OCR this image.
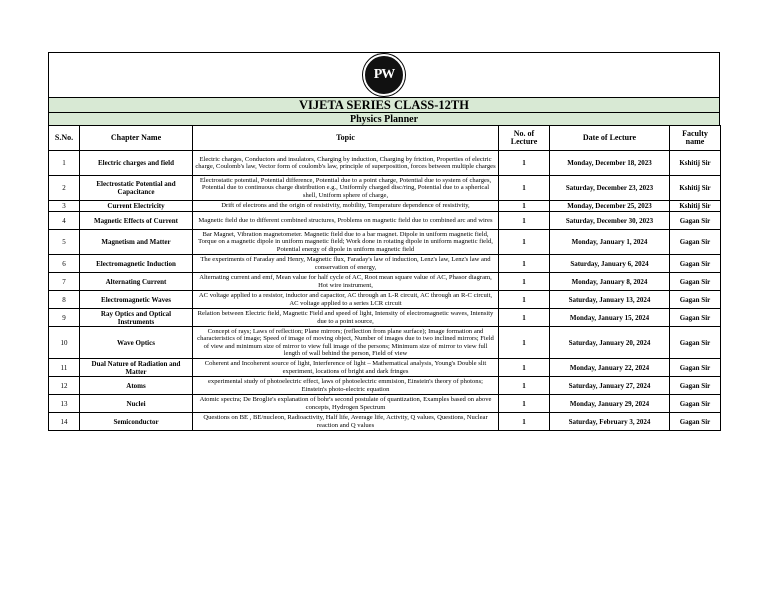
PW
VIJETA SERIES CLASS-12TH
Physics Planner
S.No.	Chapter Name	Topic	No. of Lecture	Date of Lecture	Faculty name
1	Electric charges and field	Electric charges, Conductors and insulators, Charging by induction, Charging by friction, Properties of electric charge, Coulomb's law, Vector form of coulomb's law, principle of superposition, forces between multiple charges	1	Monday, December 18, 2023	Kshitij Sir
2	Electrostatic Potential and Capacitance	Electrostatic potential, Potential difference, Potential due to a point charge, Potential due to system of charges, Potential due to continuous charge distribution e.g., Uniformly charged disc/ring, Potential due to a spherical shell, Uniform sphere of charge,	1	Saturday, December 23, 2023	Kshitij Sir
3	Current Electricity	Drift of electrons and the origin of resistivity, mobility, Temperature dependence of resistivity,	1	Monday, December 25, 2023	Kshitij Sir
4	Magnetic Effects of Current	Magnetic field due to different combined structures, Problems on magnetic field due to combined arc and wires	1	Saturday, December 30, 2023	Gagan Sir
5	Magnetism and Matter	Bar Magnet, Vibration magnetometer. Magnetic field due to a bar magnet. Dipole in uniform magnetic field, Torque on a magnetic dipole in uniform magnetic field; Work done in rotating dipole in uniform magnetic field, Potential energy of dipole in uniform magnetic field	1	Monday, January 1, 2024	Gagan Sir
6	Electromagnetic Induction	The experiments of Faraday and Henry, Magnetic flux, Faraday's law of induction, Lenz's law, Lenz's law and conservation of energy,	1	Saturday, January 6, 2024	Gagan Sir
7	Alternating Current	Alternating current and emf, Mean value for half cycle of AC, Root mean square value of AC, Phasor diagram, Hot wire instrument,	1	Monday, January 8, 2024	Gagan Sir
8	Electromagnetic Waves	AC voltage applied to a resistor, inductor and capacitor, AC through an L-R circuit, AC through an R-C circuit, AC voltage applied to a series LCR circuit	1	Saturday, January 13, 2024	Gagan Sir
9	Ray Optics and Optical Instruments	Relation between Electric field, Magnetic Field and speed of light, Intensity of electromagnetic waves, Intensity due to a point source,	1	Monday, January 15, 2024	Gagan Sir
10	Wave Optics	Concept of rays; Laws of reflection; Plane mirrors; (reflection from plane surface); Image formation and characteristics of image; Speed of image of moving object, Number of images due to two inclined mirrors; Field of view and minimum size of mirror to view full image of the persons; Minimum size of mirror to view full length of wall behind the person, Field of view	1	Saturday, January 20, 2024	Gagan Sir
11	Dual Nature of Radiation and Matter	Coherent and Incoherent source of light, Interference of light – Mathematical analysis, Young's Double slit experiment, locations of bright and dark fringes	1	Monday, January 22, 2024	Gagan Sir
12	Atoms	experimental study of photoelectric effect, laws of photoelectric emmision, Einstein's theory of photons; Einstein's photo-electric equation	1	Saturday, January 27, 2024	Gagan Sir
13	Nuclei	Atomic spectra; De Broglie's explanation of bohr's second postulate of quantization, Examples based on above concepts, Hydrogen Spectrum	1	Monday, January 29, 2024	Gagan Sir
14	Semiconductor	Questions on BE , BE/nucleon, Radioactivity, Half life, Average life, Activity, Q values, Questions, Nuclear reaction and Q values	1	Saturday, February 3, 2024	Gagan Sir
